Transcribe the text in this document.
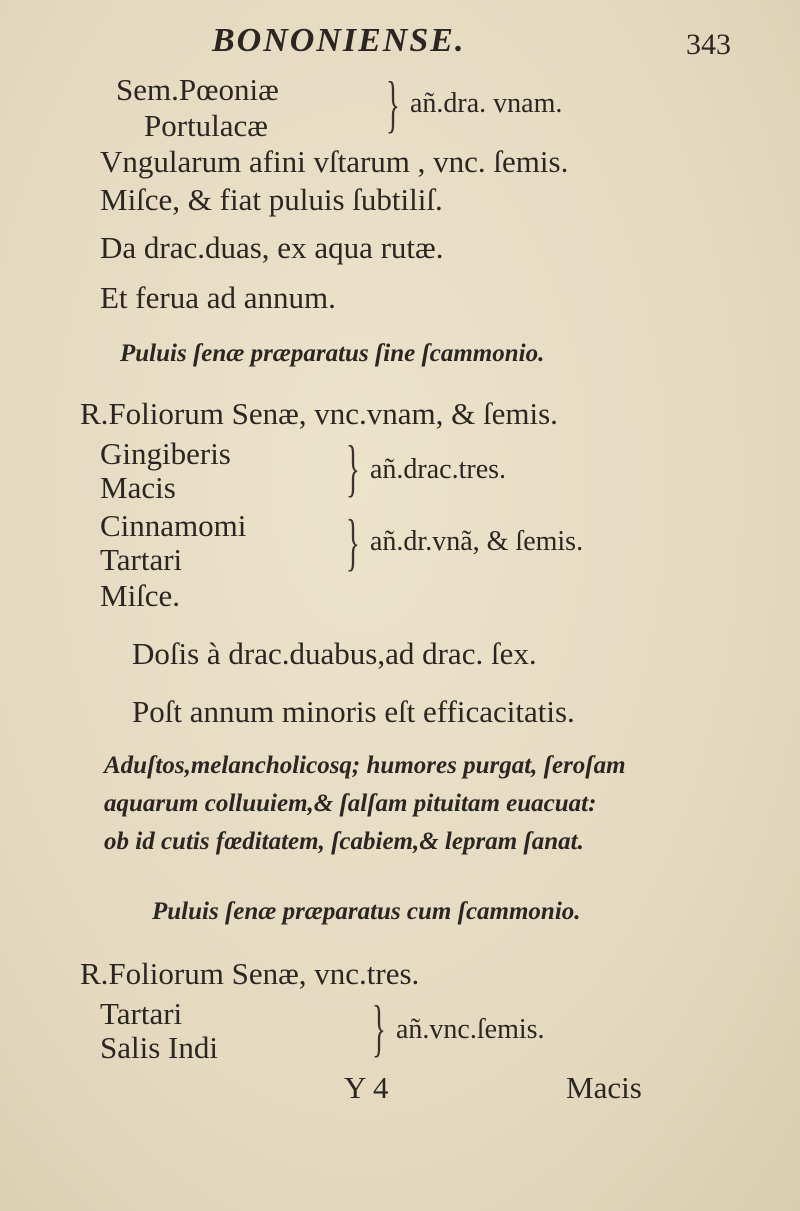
BONONIENSE.	343
Sem.Pœoniæ
Portulacæ } añ.dra. vnam.
Vngularum afini vſtarum , vnc. ſemis.
Miſce, & fiat puluis ſubtiliſ.
Da drac.duas, ex aqua rutæ.
Et ferua ad annum.
Puluis ſenæ præparatus ſine ſcammonio.
R.Foliorum Senæ, vnc.vnam, & ſemis.
Gingiberis
Macis	} añ.drac.tres.
Cinnamomi
Tartari	} añ.dr.vnã, & ſemis.
Miſce.
Doſis à drac.duabus,ad drac. ſex.
Poſt annum minoris eſt efficacitatis.
Aduſtos,melancholicosq; humores purgat, ſeroſam
aquarum colluuiem,& ſalſam pituitam euacuat:
ob id cutis fœditatem, ſcabiem,& lepram ſanat.
Puluis ſenæ præparatus cum ſcammonio.
R.Foliorum Senæ, vnc.tres.
Tartari
Salis Indi } añ.vnc.ſemis.
Y 4	Macis
